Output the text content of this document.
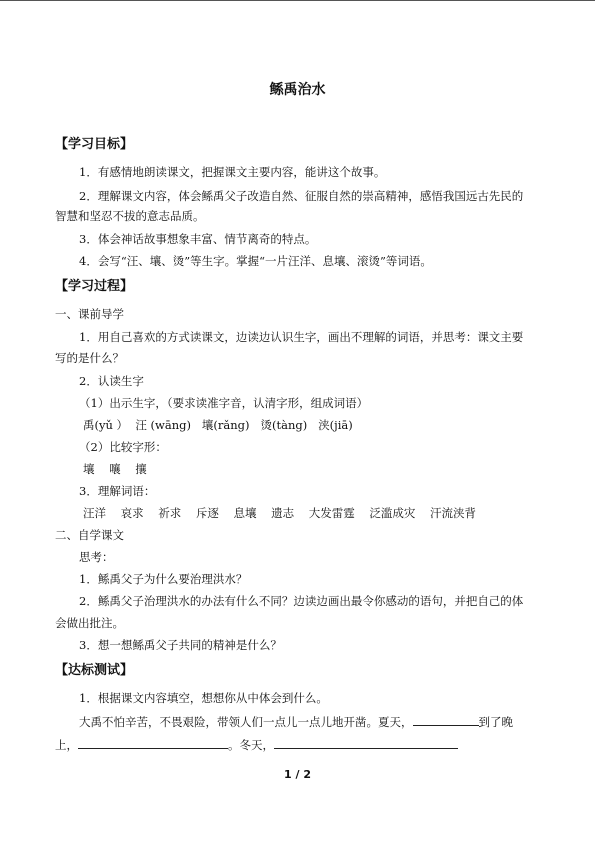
鲧禹治水
【学习目标】
1．有感情地朗读课文，把握课文主要内容，能讲这个故事。
2．理解课文内容，体会鲧禹父子改造自然、征服自然的崇高精神，感悟我国远古先民的
智慧和坚忍不拔的意志品质。
3．体会神话故事想象丰富、情节离奇的特点。
4．会写“汪、壤、烫”等生字。掌握“一片汪洋、息壤、滚烫”等词语。
【学习过程】
一、课前导学
1．用自己喜欢的方式读课文，边读边认识生字，画出不理解的词语，并思考：课文主要
写的是什么？
2．认读生字
（1）出示生字，（要求读准字音，认清字形，组成词语）
禹(yǔ ）  汪 (wāng)   壤(rǎng)   烫(tàng)   浃(jiā)
（2）比较字形：
壤    嚷    攘
3．理解词语：
汪洋    哀求    祈求    斥逐    息壤    遗志    大发雷霆    泛滥成灾    汗流浃背
二、自学课文
思考：
1．鲧禹父子为什么要治理洪水？
2．鲧禹父子治理洪水的办法有什么不同？边读边画出最令你感动的语句，并把自己的体
会做出批注。
3．想一想鲧禹父子共同的精神是什么？
【达标测试】
1．根据课文内容填空，想想你从中体会到什么。
大禹不怕辛苦，不畏艰险，带领人们一点儿一点儿地开凿。夏天，	到了晚
上，	。冬天，
1 / 2
